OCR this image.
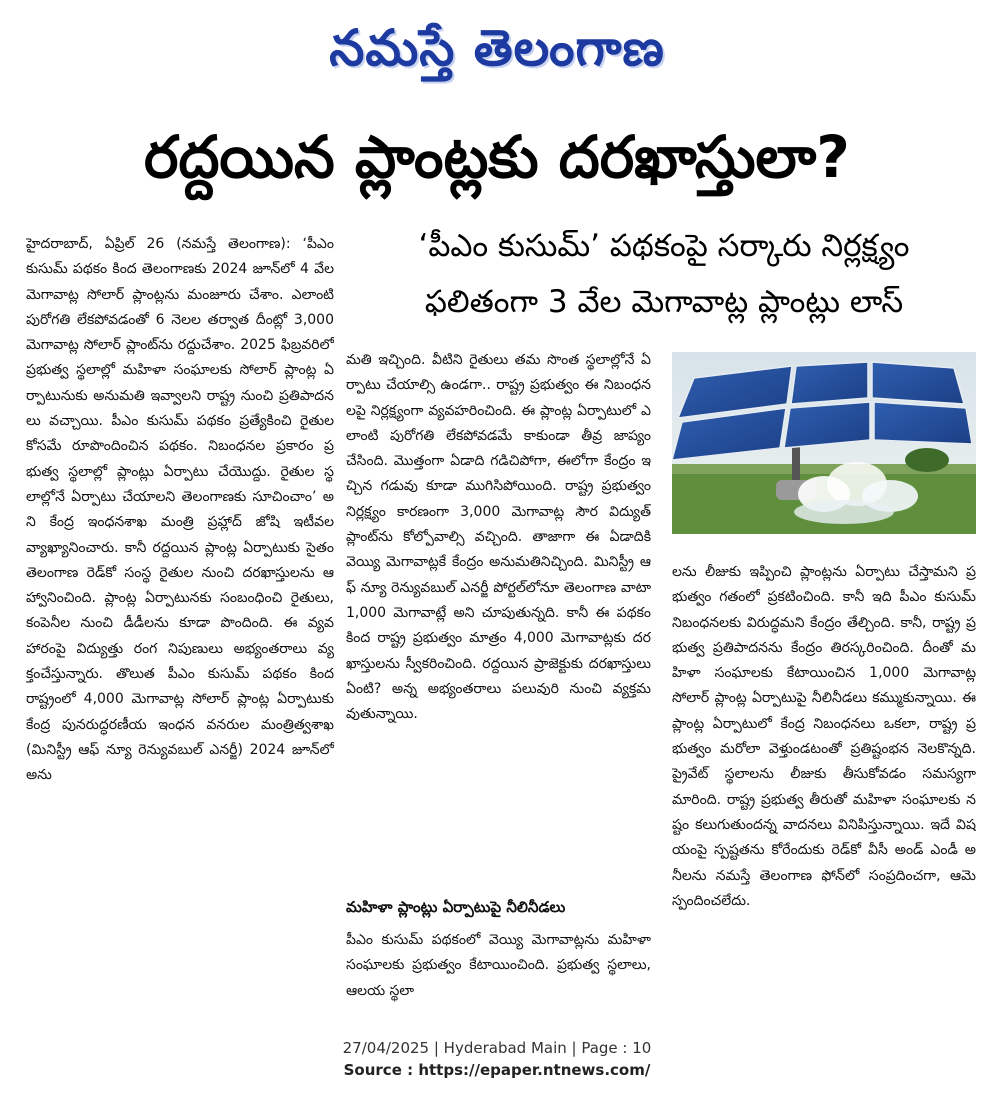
నమస్తే తెలంగాణ
రద్దయిన ప్లాంట్లకు దరఖాస్తులా?
‘పీఎం కుసుమ్’ పథకంపై సర్కారు నిర్లక్ష్యం
ఫలితంగా 3 వేల మెగావాట్ల ప్లాంట్లు లాస్
హైదరాబాద్, ఏప్రిల్ 26 (నమస్తే తెలంగాణ): ‘పీఎం కుసుమ్ పథకం కింద తెలంగాణకు 2024 జూన్‌లో 4 వేల మెగావాట్ల సోలార్ ప్లాంట్లను మంజూరు చేశాం. ఎలాంటి పురోగతి లేకపోవడంతో 6 నెలల తర్వాత దీంట్లో 3,000 మెగావాట్ల సోలార్ ప్లాంట్‌ను రద్దుచేశాం. 2025 ఫిబ్రవరిలో ప్రభుత్వ స్థలాల్లో మహిళా సంఘాలకు సోలార్ ప్లాంట్ల ఏర్పాటునుకు అనుమతి ఇవ్వాలని రాష్ట్ర నుంచి ప్రతిపాదనలు వచ్చాయి. పీఎం కుసుమ్ పథకం ప్రత్యేకించి రైతుల కోసమే రూపొందించిన పథకం. నిబంధనల ప్రకారం ప్రభుత్వ స్థలాల్లో ప్లాంట్లు ఏర్పాటు చేయొద్దు. రైతుల స్థలాల్లోనే ఏర్పాటు చేయాలని తెలంగాణకు సూచించాం’ అని కేంద్ర ఇంధనశాఖ మంత్రి ప్రహ్లాద్ జోషి ఇటీవల వ్యాఖ్యానించారు. కానీ రద్దయిన ప్లాంట్ల ఏర్పాటుకు సైతం తెలంగాణ రెడ్‌కో సంస్థ రైతుల నుంచి దరఖాస్తులను ఆహ్వానించింది. ప్లాంట్ల ఏర్పాటునకు సంబంధించి రైతులు, కంపెనీల నుంచి డీడీలను కూడా పొందింది. ఈ వ్యవహారంపై విద్యుత్తు రంగ నిపుణులు అభ్యంతరాలు వ్యక్తంచేస్తున్నారు. తొలుత పీఎం కుసుమ్ పథకం కింద రాష్ట్రంలో 4,000 మెగావాట్ల సోలార్ ప్లాంట్ల ఏర్పాటుకు కేంద్ర పునరుద్ధరణీయ ఇంధన వనరుల మంత్రిత్వశాఖ (మినిస్ట్రీ ఆఫ్ న్యూ రెన్యువబుల్ ఎనర్జీ) 2024 జూన్‌లో అను
మతి ఇచ్చింది. వీటిని రైతులు తమ సొంత స్థలాల్లోనే ఏర్పాటు చేయాల్సి ఉండగా.. రాష్ట్ర ప్రభుత్వం ఈ నిబంధనలపై నిర్లక్ష్యంగా వ్యవహరించింది. ఈ ప్లాంట్ల ఏర్పాటులో ఎలాంటి పురోగతి లేకపోవడమే కాకుండా తీవ్ర జాప్యం చేసింది. మొత్తంగా ఏడాది గడిచిపోగా, ఈలోగా కేంద్రం ఇచ్చిన గడువు కూడా ముగిసిపోయింది. రాష్ట్ర ప్రభుత్వం నిర్లక్ష్యం కారణంగా 3,000 మెగావాట్ల సౌర విద్యుత్ ప్లాంట్‌ను కోల్పోవాల్సి వచ్చింది. తాజాగా ఈ ఏడాదికి వెయ్యి మెగావాట్లకే కేంద్రం అనుమతినిచ్చింది. మినిస్ట్రీ ఆఫ్ న్యూ రెన్యువబుల్ ఎనర్జీ పోర్టల్‌లోనూ తెలంగాణ వాటా 1,000 మెగావాట్లే అని చూపుతున్నది. కానీ ఈ పథకం కింద రాష్ట్ర ప్రభుత్వం మాత్రం 4,000 మెగావాట్లకు దరఖాస్తులను స్వీకరించింది. రద్దయిన ప్రాజెక్టుకు దరఖాస్తులు ఏంటి? అన్న అభ్యంతరాలు పలువురి నుంచి వ్యక్తమవుతున్నాయి.
మహిళా ప్లాంట్లు ఏర్పాటుపై నీలినీడలు
పీఎం కుసుమ్ పథకంలో వెయ్యి మెగావాట్లను మహిళా సంఘాలకు ప్రభుత్వం కేటాయించింది. ప్రభుత్వ స్థలాలు, ఆలయ స్థలా
లను లీజుకు ఇప్పించి ప్లాంట్లను ఏర్పాటు చేస్తామని ప్రభుత్వం గతంలో ప్రకటించింది. కానీ ఇది పీఎం కుసుమ్ నిబంధనలకు విరుద్ధమని కేంద్రం తేల్చింది. కానీ, రాష్ట్ర ప్రభుత్వ ప్రతిపాదనను కేంద్రం తిరస్కరించింది. దీంతో మహిళా సంఘాలకు కేటాయించిన 1,000 మెగావాట్ల సోలార్ ప్లాంట్ల ఏర్పాటుపై నీలినీడలు కమ్ముకున్నాయి. ఈ ప్లాంట్ల ఏర్పాటులో కేంద్ర నిబంధనలు ఒకలా, రాష్ట్ర ప్రభుత్వం మరోలా వెళ్తుండటంతో ప్రతిష్టంభన నెలకొన్నది. ప్రైవేట్ స్థలాలను లీజుకు తీసుకోవడం సమస్యగా మారింది. రాష్ట్ర ప్రభుత్వ తీరుతో మహిళా సంఘాలకు నష్టం కలుగుతుందన్న వాదనలు వినిపిస్తున్నాయి. ఇదే విషయంపై స్పష్టతను కోరేందుకు రెడ్‌కో వీసీ అండ్ ఎండీ అనీలను నమస్తే తెలంగాణ ఫోన్‌లో సంప్రదించగా, ఆమె స్పందించలేదు.
27/04/2025 | Hyderabad Main | Page : 10
Source : https://epaper.ntnews.com/
